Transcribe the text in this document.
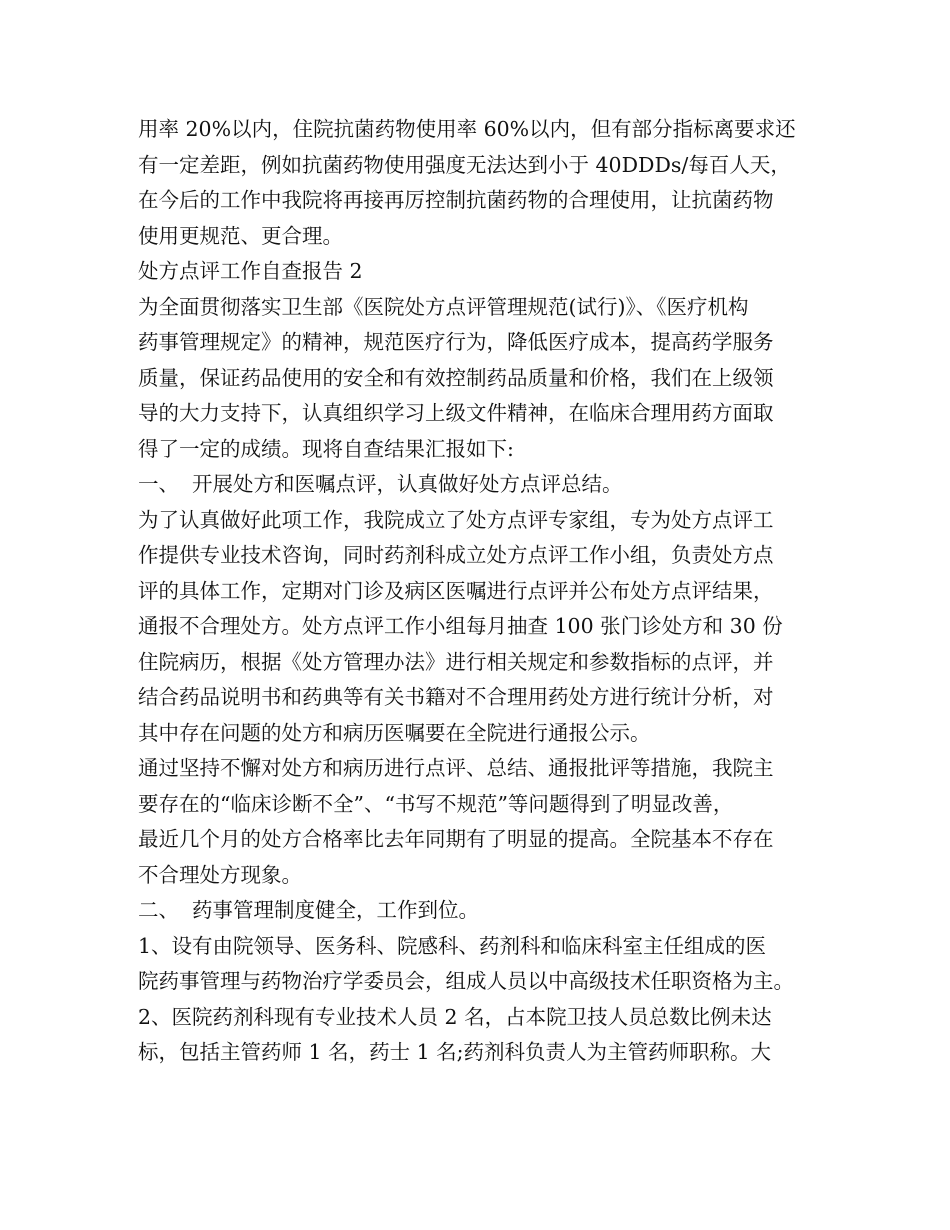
用率 20%以内，住院抗菌药物使用率 60%以内，但有部分指标离要求还
有一定差距，例如抗菌药物使用强度无法达到小于 40DDDs/每百人天，
在今后的工作中我院将再接再厉控制抗菌药物的合理使用，让抗菌药物
使用更规范、更合理。
处方点评工作自查报告 2
为全面贯彻落实卫生部《医院处方点评管理规范(试行)》、《医疗机构
药事管理规定》的精神，规范医疗行为，降低医疗成本，提高药学服务
质量，保证药品使用的安全和有效控制药品质量和价格，我们在上级领
导的大力支持下，认真组织学习上级文件精神，在临床合理用药方面取
得了一定的成绩。现将自查结果汇报如下:
一、  开展处方和医嘱点评，认真做好处方点评总结。
为了认真做好此项工作，我院成立了处方点评专家组，专为处方点评工
作提供专业技术咨询，同时药剂科成立处方点评工作小组，负责处方点
评的具体工作，定期对门诊及病区医嘱进行点评并公布处方点评结果，
通报不合理处方。处方点评工作小组每月抽查 100 张门诊处方和 30 份
住院病历，根据《处方管理办法》进行相关规定和参数指标的点评，并
结合药品说明书和药典等有关书籍对不合理用药处方进行统计分析，对
其中存在问题的处方和病历医嘱要在全院进行通报公示。
通过坚持不懈对处方和病历进行点评、总结、通报批评等措施，我院主
要存在的“临床诊断不全”、“书写不规范”等问题得到了明显改善，
最近几个月的处方合格率比去年同期有了明显的提高。全院基本不存在
不合理处方现象。
二、  药事管理制度健全，工作到位。
1、设有由院领导、医务科、院感科、药剂科和临床科室主任组成的医
院药事管理与药物治疗学委员会，组成人员以中高级技术任职资格为主。
2、医院药剂科现有专业技术人员 2 名，占本院卫技人员总数比例未达
标，包括主管药师 1 名，药士 1 名;药剂科负责人为主管药师职称。大
